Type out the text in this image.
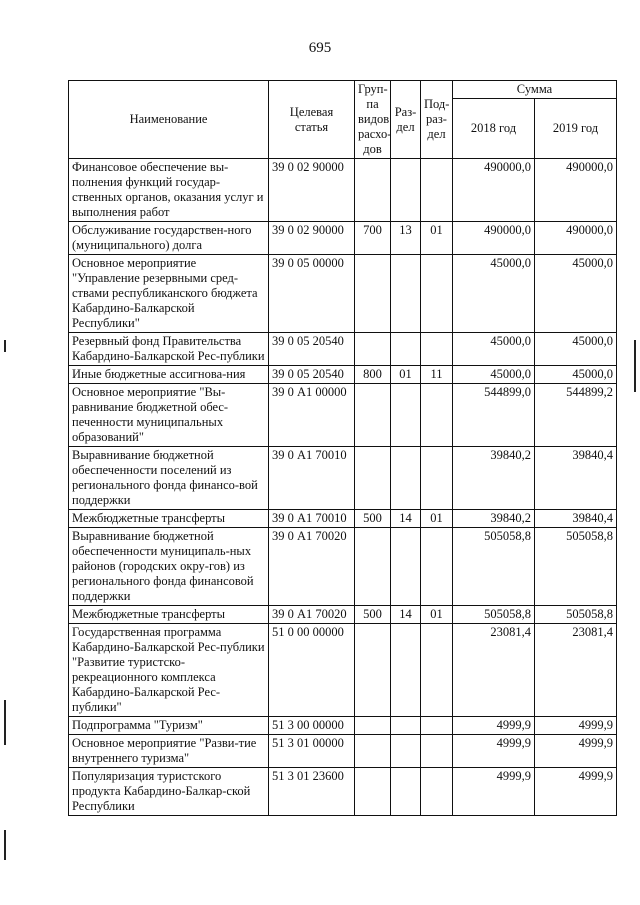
695
Наименование	Целевая статья	Груп-па видов расхо-дов	Раз-дел	Под-раз-дел	Сумма	
					2018 год	2019 год
Финансовое обеспечение вы-полнения функций государ-ственных органов, оказания услуг и выполнения работ	39 0 02 90000				490000,0	490000,0
Обслуживание государствен-ного (муниципального) долга	39 0 02 90000	700	13	01	490000,0	490000,0
Основное мероприятие "Управление резервными сред-ствами республиканского бюджета Кабардино-Балкарской Республики"	39 0 05 00000				45000,0	45000,0
Резервный фонд Правительства Кабардино-Балкарской Рес-публики	39 0 05 20540				45000,0	45000,0
Иные бюджетные ассигнова-ния	39 0 05 20540	800	01	11	45000,0	45000,0
Основное мероприятие "Вы-равнивание бюджетной обес-печенности муниципальных образований"	39 0 А1 00000				544899,0	544899,2
Выравнивание бюджетной обеспеченности поселений из регионального фонда финансо-вой поддержки	39 0 А1 70010				39840,2	39840,4
Межбюджетные трансферты	39 0 А1 70010	500	14	01	39840,2	39840,4
Выравнивание бюджетной обеспеченности муниципаль-ных районов (городских окру-гов) из регионального фонда финансовой поддержки	39 0 А1 70020				505058,8	505058,8
Межбюджетные трансферты	39 0 А1 70020	500	14	01	505058,8	505058,8
Государственная программа Кабардино-Балкарской Рес-публики "Развитие туристско-рекреационного комплекса Кабардино-Балкарской Рес-публики"	51 0 00 00000				23081,4	23081,4
Подпрограмма "Туризм"	51 3 00 00000				4999,9	4999,9
Основное мероприятие "Разви-тие внутреннего туризма"	51 3 01 00000				4999,9	4999,9
Популяризация туристского продукта Кабардино-Балкар-ской Республики	51 3 01 23600				4999,9	4999,9
